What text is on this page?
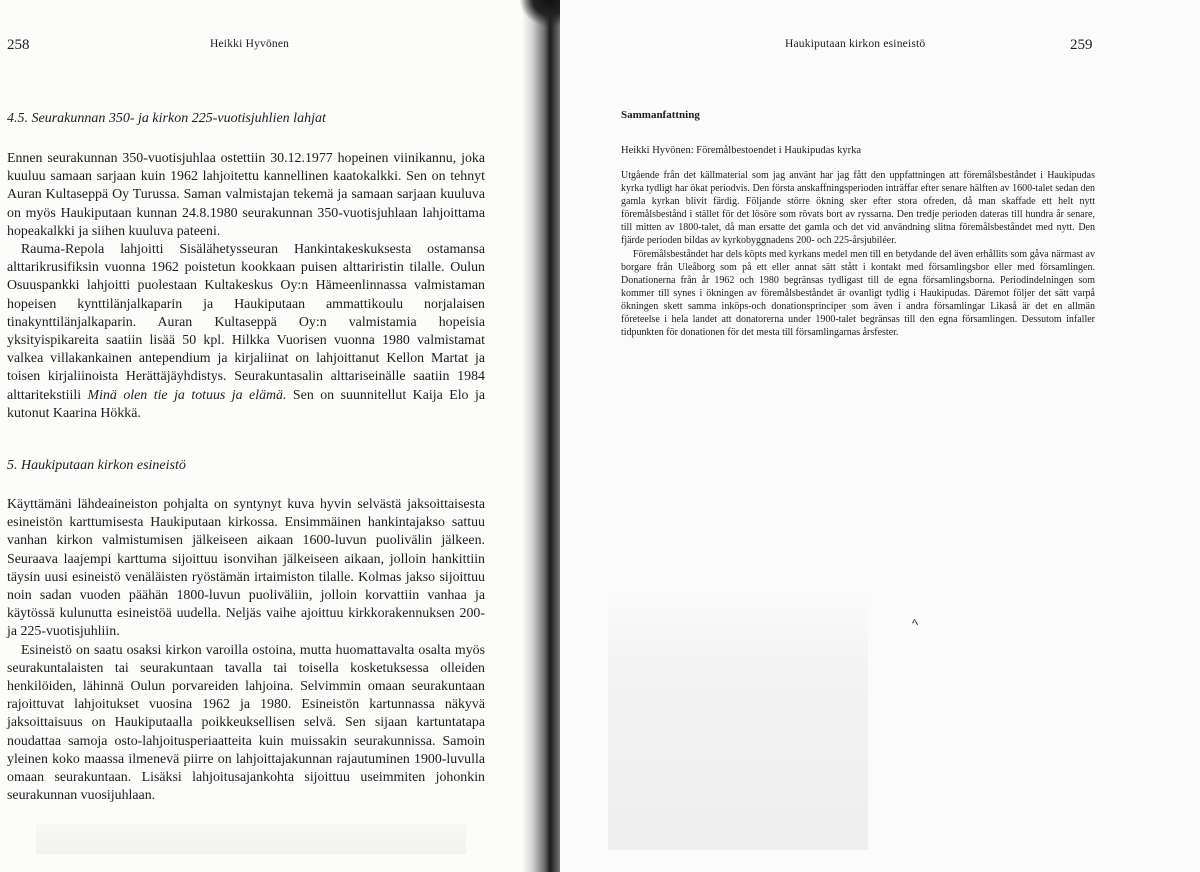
258	Heikki Hyvönen
4.5. Seurakunnan 350- ja kirkon 225-vuotisjuhlien lahjat

Ennen seurakunnan 350-vuotisjuhlaa ostettiin 30.12.1977 hopeinen viinikannu, joka kuuluu samaan sarjaan kuin 1962 lahjoitettu kannellinen kaatokalkki. Sen on tehnyt Auran Kultaseppä Oy Turussa. Saman valmistajan tekemä ja samaan sarjaan kuuluva on myös Haukiputaan kunnan 24.8.1980 seurakunnan 350-vuotisjuhlaan lahjoittama hopeakalkki ja siihen kuuluva pateeni.

Rauma-Repola lahjoitti Sisälähetysseuran Hankintakeskuksesta ostamansa alttarikrusifiksin vuonna 1962 poistetun kookkaan puisen alttariristin tilalle. Oulun Osuuspankki lahjoitti puolestaan Kultakeskus Oy:n Hämeenlinnassa valmistaman hopeisen kynttilänjalkaparin ja Haukiputaan ammattikoulu norjalaisen tinakynttilänjalkaparin. Auran Kultaseppä Oy:n valmistamia hopeisia yksityispikareita saatiin lisää 50 kpl. Hilkka Vuorisen vuonna 1980 valmistamat valkea villakankainen antependium ja kirjaliinat on lahjoittanut Kellon Martat ja toisen kirjaliinoista Herättäjäyhdistys. Seurakuntasalin alttariseinälle saatiin 1984 alttaritekstiili Minä olen tie ja totuus ja elämä. Sen on suunnitellut Kaija Elo ja kutonut Kaarina Hökkä.

5. Haukiputaan kirkon esineistö

Käyttämäni lähdeaineiston pohjalta on syntynyt kuva hyvin selvästä jaksoittaisesta esineistön karttumisesta Haukiputaan kirkossa. Ensimmäinen hankintajakso sattuu vanhan kirkon valmistumisen jälkeiseen aikaan 1600-luvun puolivälin jälkeen. Seuraava laajempi karttuma sijoittuu isonvihan jälkeiseen aikaan, jolloin hankittiin täysin uusi esineistö venäläisten ryöstämän irtaimiston tilalle. Kolmas jakso sijoittuu noin sadan vuoden päähän 1800-luvun puoliväliin, jolloin korvattiin vanhaa ja käytössä kulunutta esineistöä uudella. Neljäs vaihe ajoittuu kirkkorakennuksen 200- ja 225-vuotisjuhliin.

Esineistö on saatu osaksi kirkon varoilla ostoina, mutta huomattavalta osalta myös seurakuntalaisten tai seurakuntaan tavalla tai toisella kosketuksessa olleiden henkilöiden, lähinnä Oulun porvareiden lahjoina. Selvimmin omaan seurakuntaan rajoittuvat lahjoitukset vuosina 1962 ja 1980. Esineistön kartunnassa näkyvä jaksoittaisuus on Haukiputaalla poikkeuksellisen selvä. Sen sijaan kartuntatapa noudattaa samoja osto-lahjoitusperiaatteita kuin muissakin seurakunnissa. Samoin yleinen koko maassa ilmenevä piirre on lahjoittajakunnan rajautuminen 1900-luvulla omaan seurakuntaan. Lisäksi lahjoitusajankohta sijoittuu useimmiten johonkin seurakunnan vuosijuhlaan.

Haukiputaan kirkon esineistö	259
Sammanfattning
Heikki Hyvönen: Föremålbestoendet i Haukipudas kyrka

Utgående från det källmaterial som jag använt har jag fått den uppfattningen att föremålsbeståndet i Haukipudas kyrka tydligt har ökat periodvis. Den första anskaffningsperioden inträffar efter senare hälften av 1600-talet sedan den gamla kyrkan blivit färdig. Följande större ökning sker efter stora ofreden, då man skaffade ett helt nytt föremålsbestånd i stället för det lösöre som rövats bort av ryssarna. Den tredje perioden dateras till hundra år senare, till mitten av 1800-talet, då man ersatte det gamla och det vid användning slitna föremålsbeståndet med nytt. Den fjärde perioden bildas av kyrkobyggnadens 200- och 225-årsjubiléer.

Föremålsbeståndet har dels köpts med kyrkans medel men till en betydande del även erhållits som gåva närmast av borgare från Uleåborg som på ett eller annat sätt stått i kontakt med församlingsbor eller med församlingen. Donationerna från år 1962 och 1980 begränsas tydligast till de egna församlingsborna. Periodindelningen som kommer till synes i ökningen av föremålsbeståndet är ovanligt tydlig i Haukipudas. Däremot följer det sätt varpå ökningen skett samma inköps-och donationsprinciper som även i andra församlingar Likaså är det en allmän företeelse i hela landet att donatorerna under 1900-talet begränsas till den egna församlingen. Dessutom infaller tidpunkten för donationen för det mesta till församlingarnas årsfester.

ﾍ
